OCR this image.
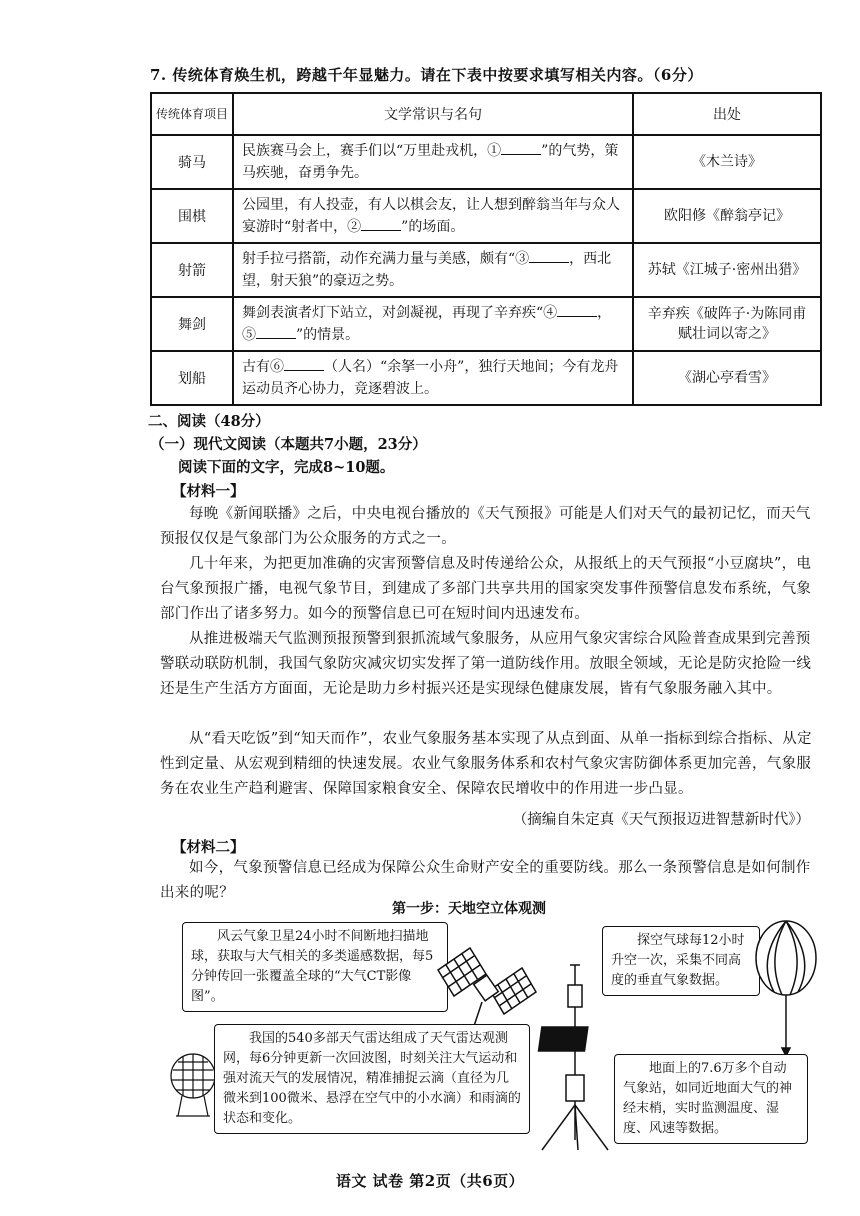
7. 传统体育焕生机，跨越千年显魅力。请在下表中按要求填写相关内容。（6分）
传统体育项目	文学常识与名句	出处
骑马	民族赛马会上，赛手们以“万里赴戎机，① ”的气势，策马疾驰，奋勇争先。	《木兰诗》
围棋	公园里，有人投壶，有人以棋会友，让人想到醉翁当年与众人宴游时“射者中，② ”的场面。	欧阳修《醉翁亭记》
射箭	射手拉弓搭箭，动作充满力量与美感，颇有“③ ，西北望，射天狼”的豪迈之势。	苏轼《江城子·密州出猎》
舞剑	舞剑表演者灯下站立，对剑凝视，再现了辛弃疾“④ ，⑤ ”的情景。	辛弃疾《破阵子·为陈同甫赋壮词以寄之》
划船	古有⑥ （人名）“余拏一小舟”，独行天地间；今有龙舟运动员齐心协力，竞逐碧波上。	《湖心亭看雪》
二、阅读（48分）
（一）现代文阅读（本题共7小题，23分）
阅读下面的文字，完成8~10题。
【材料一】
每晚《新闻联播》之后，中央电视台播放的《天气预报》可能是人们对天气的最初记忆，而天气预报仅仅是气象部门为公众服务的方式之一。
几十年来，为把更加准确的灾害预警信息及时传递给公众，从报纸上的天气预报“小豆腐块”，电台气象预报广播，电视气象节目，到建成了多部门共享共用的国家突发事件预警信息发布系统，气象部门作出了诸多努力。如今的预警信息已可在短时间内迅速发布。
从推进极端天气监测预报预警到狠抓流域气象服务，从应用气象灾害综合风险普查成果到完善预警联动联防机制，我国气象防灾减灾切实发挥了第一道防线作用。放眼全领域，无论是防灾抢险一线还是生产生活方方面面，无论是助力乡村振兴还是实现绿色健康发展，皆有气象服务融入其中。
从“看天吃饭”到“知天而作”，农业气象服务基本实现了从点到面、从单一指标到综合指标、从定性到定量、从宏观到精细的快速发展。农业气象服务体系和农村气象灾害防御体系更加完善，气象服务在农业生产趋利避害、保障国家粮食安全、保障农民增收中的作用进一步凸显。
（摘编自朱定真《天气预报迈进智慧新时代》）
【材料二】
如今，气象预警信息已经成为保障公众生命财产安全的重要防线。那么一条预警信息是如何制作出来的呢？
第一步：天地空立体观测
风云气象卫星24小时不间断地扫描地球，获取与大气相关的多类遥感数据，每5分钟传回一张覆盖全球的“大气CT影像图”。
探空气球每12小时升空一次，采集不同高度的垂直气象数据。
我国的540多部天气雷达组成了天气雷达观测网，每6分钟更新一次回波图，时刻关注大气运动和强对流天气的发展情况，精准捕捉云滴（直径为几微米到100微米、悬浮在空气中的小水滴）和雨滴的状态和变化。
地面上的7.6万多个自动气象站，如同近地面大气的神经末梢，实时监测温度、湿度、风速等数据。
语文 试卷 第2页（共6页）
